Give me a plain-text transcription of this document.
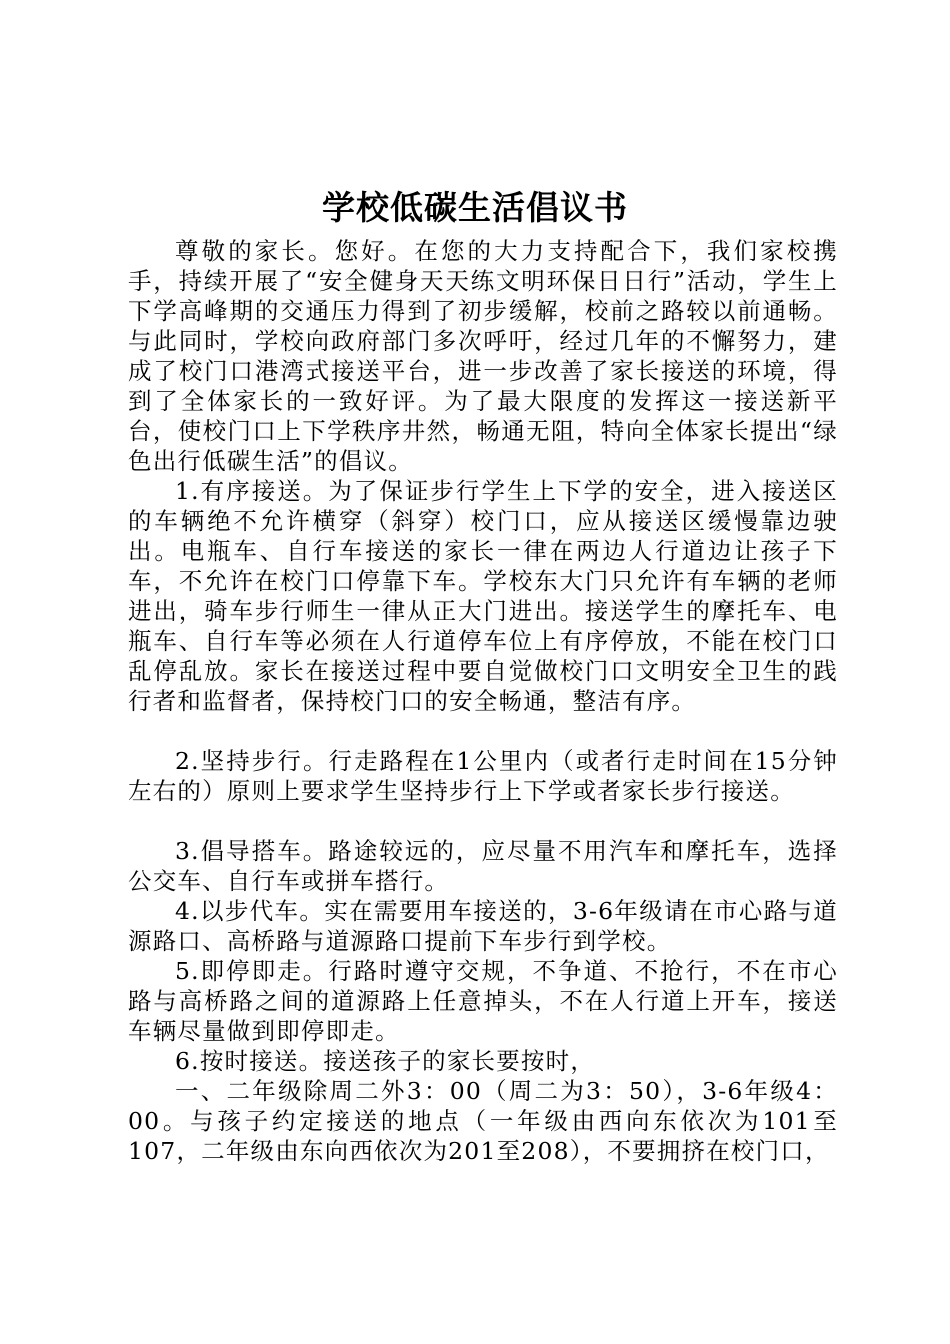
学校低碳生活倡议书

尊敬的家长。您好。在您的大力支持配合下，我们家校携手，持续开展了“安全健身天天练文明环保日日行”活动，学生上下学高峰期的交通压力得到了初步缓解，校前之路较以前通畅。与此同时，学校向政府部门多次呼吁，经过几年的不懈努力，建成了校门口港湾式接送平台，进一步改善了家长接送的环境，得到了全体家长的一致好评。为了最大限度的发挥这一接送新平台，使校门口上下学秩序井然，畅通无阻，特向全体家长提出“绿色出行低碳生活”的倡议。

1.有序接送。为了保证步行学生上下学的安全，进入接送区的车辆绝不允许横穿（斜穿）校门口，应从接送区缓慢靠边驶出。电瓶车、自行车接送的家长一律在两边人行道边让孩子下车，不允许在校门口停靠下车。学校东大门只允许有车辆的老师进出，骑车步行师生一律从正大门进出。接送学生的摩托车、电瓶车、自行车等必须在人行道停车位上有序停放，不能在校门口乱停乱放。家长在接送过程中要自觉做校门口文明安全卫生的践行者和监督者，保持校门口的安全畅通，整洁有序。

2.坚持步行。行走路程在1公里内（或者行走时间在15分钟左右的）原则上要求学生坚持步行上下学或者家长步行接送。

3.倡导搭车。路途较远的，应尽量不用汽车和摩托车，选择公交车、自行车或拼车搭行。

4.以步代车。实在需要用车接送的，3-6年级请在市心路与道源路口、高桥路与道源路口提前下车步行到学校。

5.即停即走。行路时遵守交规，不争道、不抢行，不在市心路与高桥路之间的道源路上任意掉头，不在人行道上开车，接送车辆尽量做到即停即走。

6.按时接送。接送孩子的家长要按时，

一、二年级除周二外3：00（周二为3：50），3-6年级4：00。与孩子约定接送的地点（一年级由西向东依次为101至107，二年级由东向西依次为201至208），不要拥挤在校门口，
